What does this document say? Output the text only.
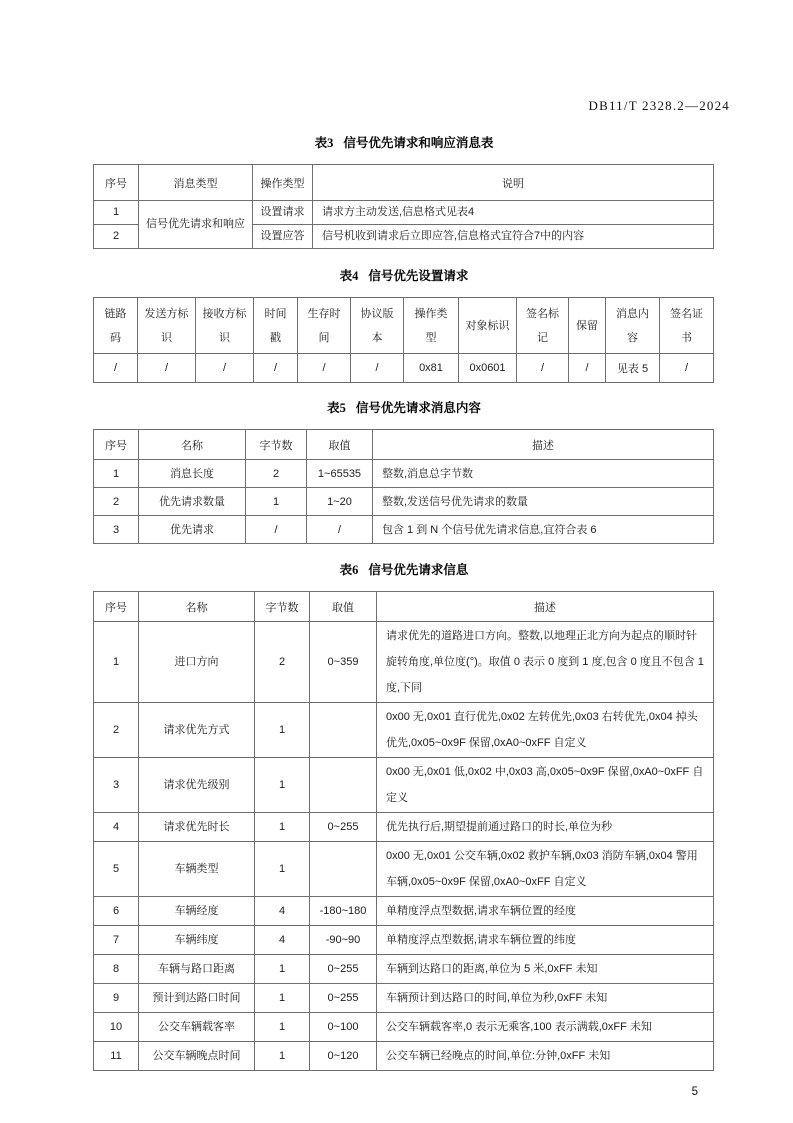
DB11/T 2328.2—2024
表3 信号优先请求和响应消息表
序号	消息类型	操作类型	说明
1	信号优先请求和响应	设置请求	请求方主动发送,信息格式见表4
2		设置应答	信号机收到请求后立即应答,信息格式宜符合7中的内容
表4 信号优先设置请求
链路码	发送方标识	接收方标识	时间戳	生存时间	协议版本	操作类型	对象标识	签名标记	保留	消息内容	签名证书
/	/	/	/	/	/	0x81	0x0601	/	/	见表 5	/
表5 信号优先请求消息内容
序号	名称	字节数	取值	描述
1	消息长度	2	1~65535	整数,消息总字节数
2	优先请求数量	1	1~20	整数,发送信号优先请求的数量
3	优先请求	/	/	包含 1 到 N 个信号优先请求信息,宜符合表 6
表6 信号优先请求信息
序号	名称	字节数	取值	描述
1	进口方向	2	0~359	请求优先的道路进口方向。整数,以地理正北方向为起点的顺时针旋转角度,单位度(°)。取值 0 表示 0 度到 1 度,包含 0 度且不包含 1 度,下同
2	请求优先方式	1		0x00 无,0x01 直行优先,0x02 左转优先,0x03 右转优先,0x04 掉头优先,0x05~0x9F 保留,0xA0~0xFF 自定义
3	请求优先级别	1		0x00 无,0x01 低,0x02 中,0x03 高,0x05~0x9F 保留,0xA0~0xFF 自定义
4	请求优先时长	1	0~255	优先执行后,期望提前通过路口的时长,单位为秒
5	车辆类型	1		0x00 无,0x01 公交车辆,0x02 救护车辆,0x03 消防车辆,0x04 警用车辆,0x05~0x9F 保留,0xA0~0xFF 自定义
6	车辆经度	4	-180~180	单精度浮点型数据,请求车辆位置的经度
7	车辆纬度	4	-90~90	单精度浮点型数据,请求车辆位置的纬度
8	车辆与路口距离	1	0~255	车辆到达路口的距离,单位为 5 米,0xFF 未知
9	预计到达路口时间	1	0~255	车辆预计到达路口的时间,单位为秒,0xFF 未知
10	公交车辆载客率	1	0~100	公交车辆载客率,0 表示无乘客,100 表示满载,0xFF 未知
11	公交车辆晚点时间	1	0~120	公交车辆已经晚点的时间,单位:分钟,0xFF 未知
5
